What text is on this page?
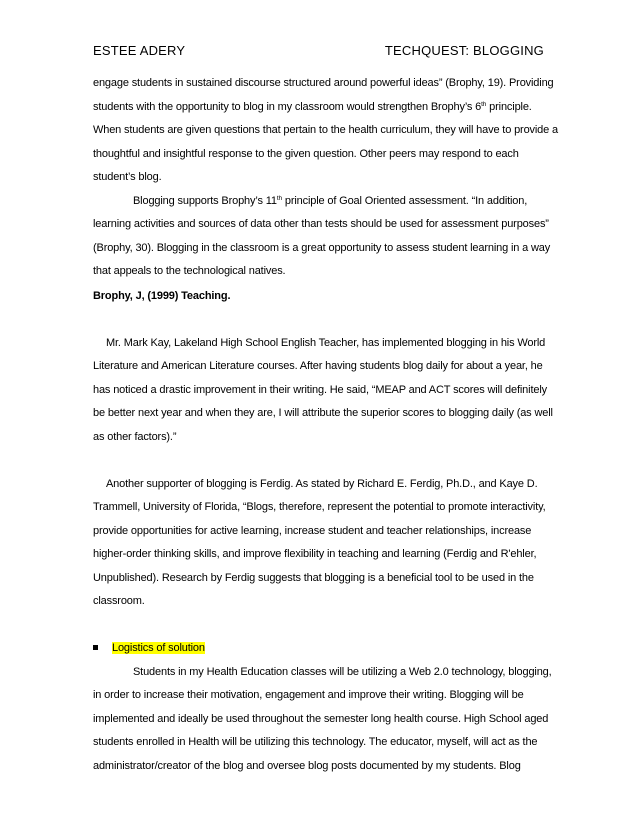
ESTEE ADERY	TECHQUEST: BLOGGING
engage students in sustained discourse structured around powerful ideas” (Brophy, 19). Providing
students with the opportunity to blog in my classroom would strengthen Brophy’s 6th principle.
When students are given questions that pertain to the health curriculum, they will have to provide a
thoughtful and insightful response to the given question. Other peers may respond to each
student’s blog.
Blogging supports Brophy’s 11th principle of Goal Oriented assessment. “In addition,
learning activities and sources of data other than tests should be used for assessment purposes”
(Brophy, 30). Blogging in the classroom is a great opportunity to assess student learning in a way
that appeals to the technological natives.
Brophy, J, (1999) Teaching.
Mr. Mark Kay, Lakeland High School English Teacher, has implemented blogging in his World
Literature and American Literature courses. After having students blog daily for about a year, he
has noticed a drastic improvement in their writing. He said, “MEAP and ACT scores will definitely
be better next year and when they are, I will attribute the superior scores to blogging daily (as well
as other factors).”
Another supporter of blogging is Ferdig. As stated by Richard E. Ferdig, Ph.D., and Kaye D.
Trammell, University of Florida, “Blogs, therefore, represent the potential to promote interactivity,
provide opportunities for active learning, increase student and teacher relationships, increase
higher-order thinking skills, and improve flexibility in teaching and learning (Ferdig and R'ehler,
Unpublished). Research by Ferdig suggests that blogging is a beneficial tool to be used in the
classroom.
Logistics of solution
Students in my Health Education classes will be utilizing a Web 2.0 technology, blogging,
in order to increase their motivation, engagement and improve their writing. Blogging will be
implemented and ideally be used throughout the semester long health course. High School aged
students enrolled in Health will be utilizing this technology. The educator, myself, will act as the
administrator/creator of the blog and oversee blog posts documented by my students. Blog
